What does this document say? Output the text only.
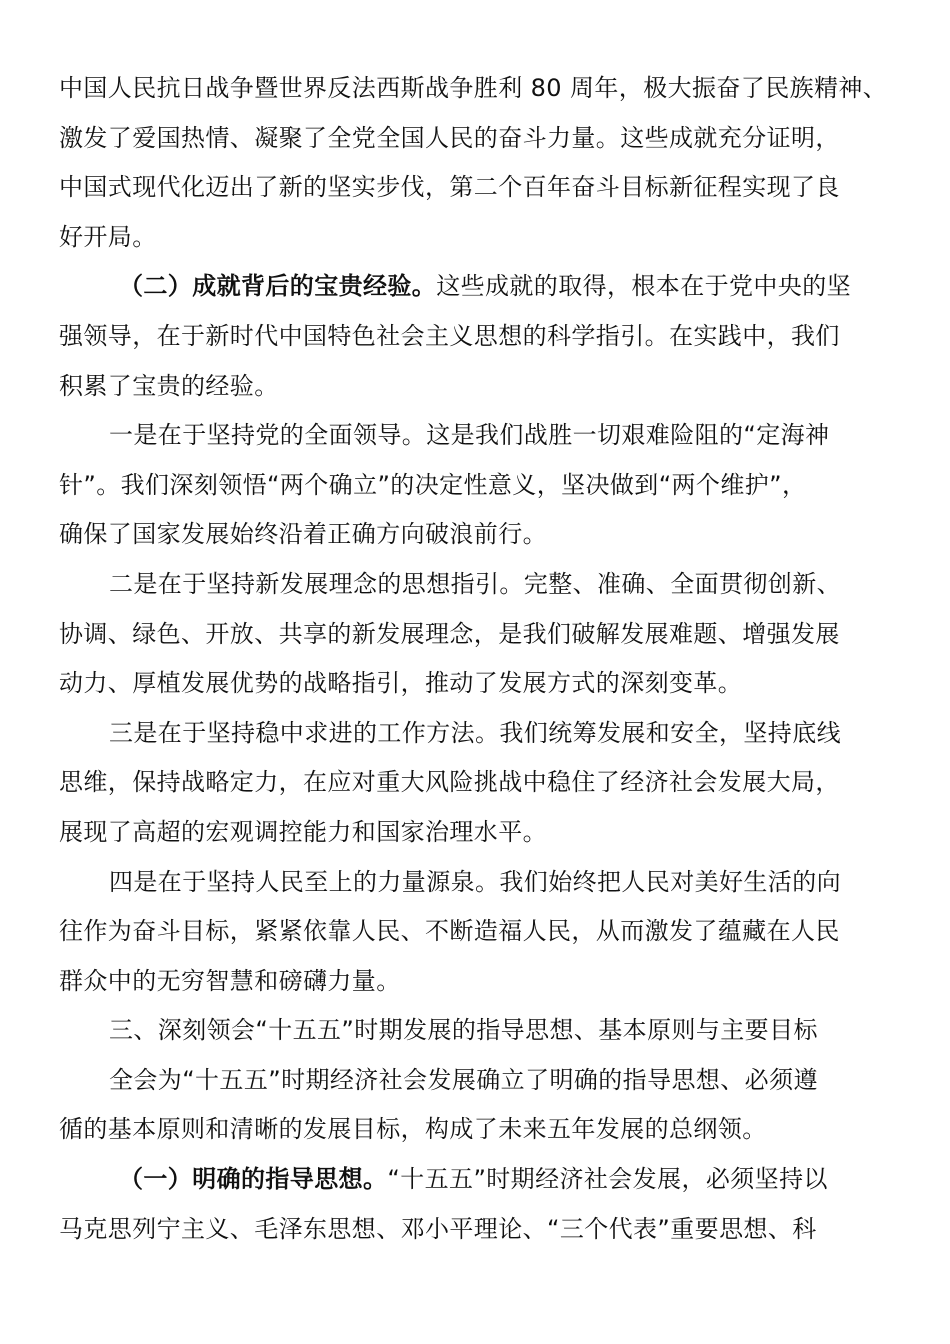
中国人民抗日战争暨世界反法西斯战争胜利 80 周年，极大振奋了民族精神、
激发了爱国热情、凝聚了全党全国人民的奋斗力量。这些成就充分证明，
中国式现代化迈出了新的坚实步伐，第二个百年奋斗目标新征程实现了良
好开局。
（二）成就背后的宝贵经验。这些成就的取得，根本在于党中央的坚
强领导，在于新时代中国特色社会主义思想的科学指引。在实践中，我们
积累了宝贵的经验。
一是在于坚持党的全面领导。这是我们战胜一切艰难险阻的“定海神
针”。我们深刻领悟“两个确立”的决定性意义，坚决做到“两个维护”，
确保了国家发展始终沿着正确方向破浪前行。
二是在于坚持新发展理念的思想指引。完整、准确、全面贯彻创新、
协调、绿色、开放、共享的新发展理念，是我们破解发展难题、增强发展
动力、厚植发展优势的战略指引，推动了发展方式的深刻变革。
三是在于坚持稳中求进的工作方法。我们统筹发展和安全，坚持底线
思维，保持战略定力，在应对重大风险挑战中稳住了经济社会发展大局，
展现了高超的宏观调控能力和国家治理水平。
四是在于坚持人民至上的力量源泉。我们始终把人民对美好生活的向
往作为奋斗目标，紧紧依靠人民、不断造福人民，从而激发了蕴藏在人民
群众中的无穷智慧和磅礴力量。
三、深刻领会“十五五”时期发展的指导思想、基本原则与主要目标
全会为“十五五”时期经济社会发展确立了明确的指导思想、必须遵
循的基本原则和清晰的发展目标，构成了未来五年发展的总纲领。
（一）明确的指导思想。“十五五”时期经济社会发展，必须坚持以
马克思列宁主义、毛泽东思想、邓小平理论、“三个代表”重要思想、科
